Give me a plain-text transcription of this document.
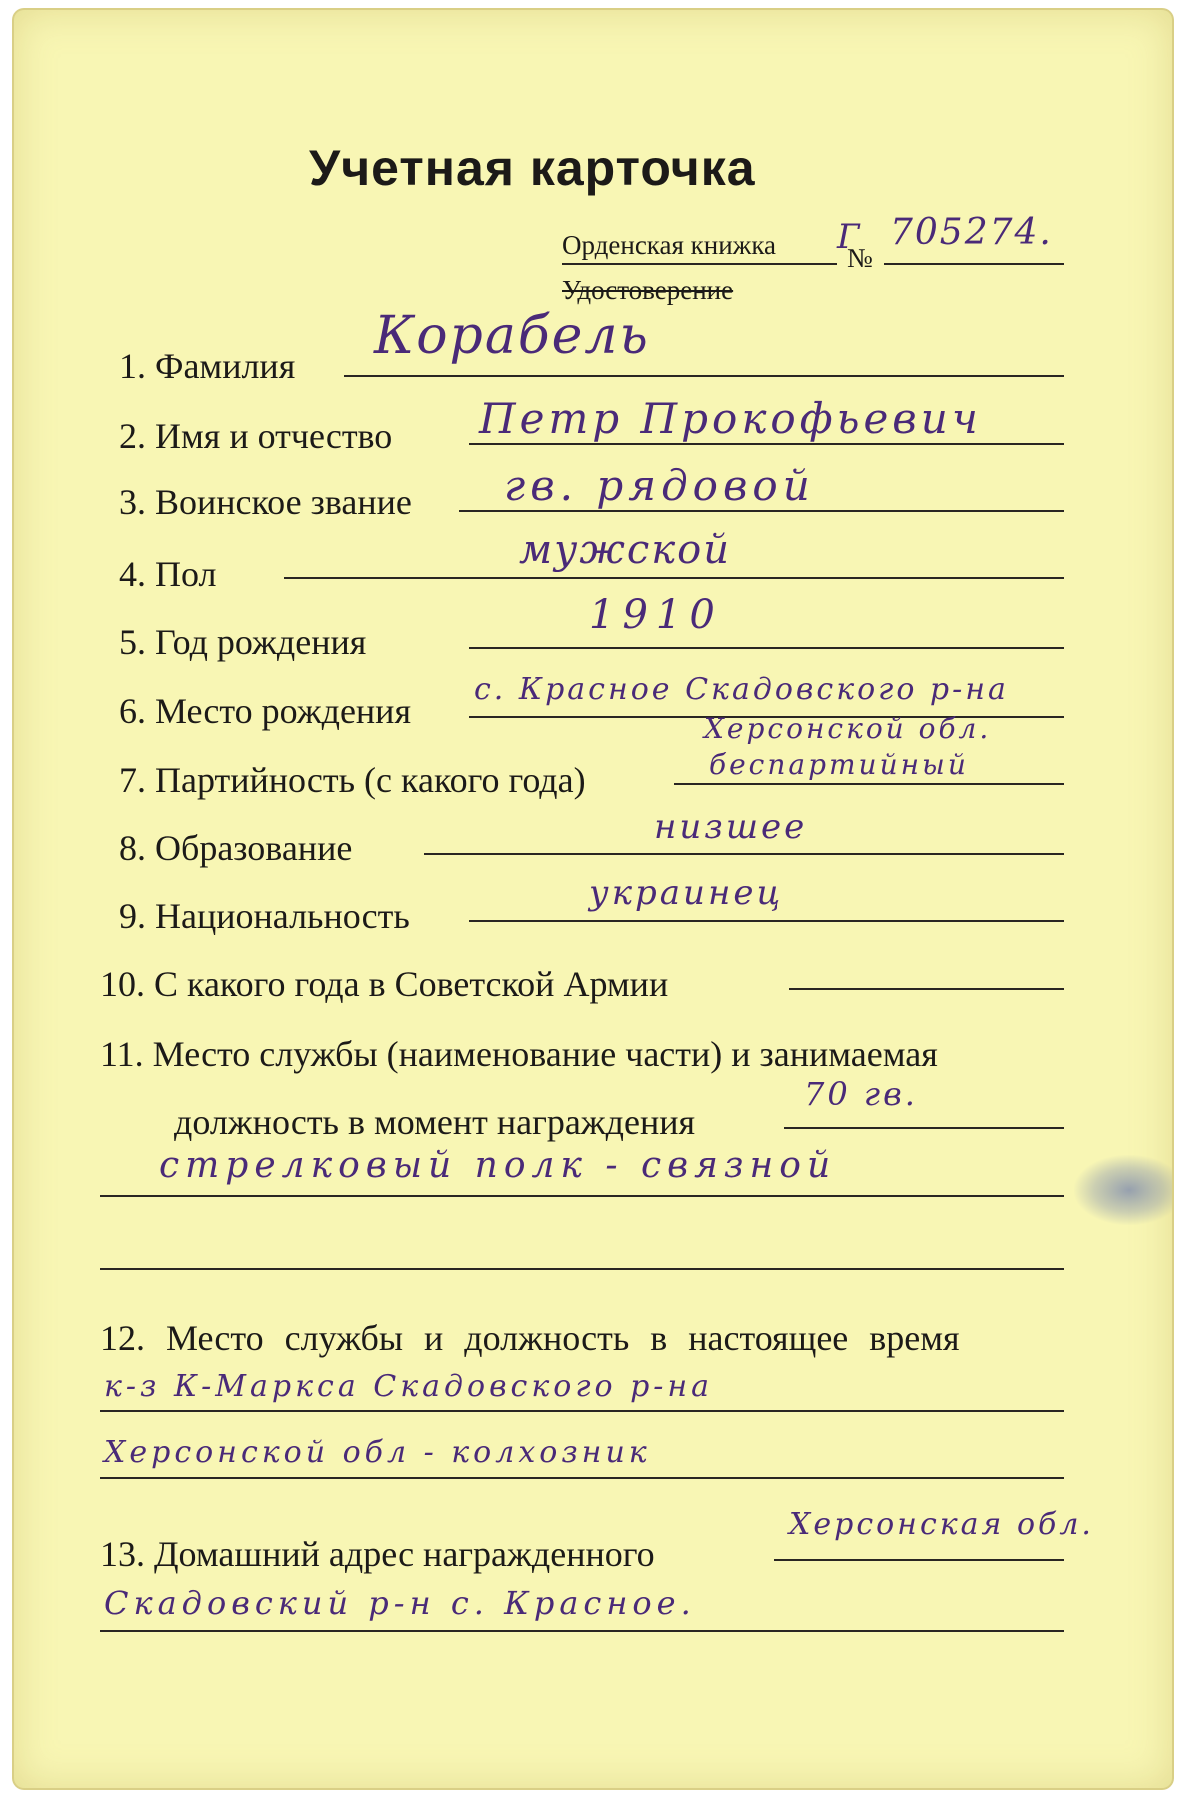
Учетная карточка
Орденская книжка Г
№
705274.
Удостоверение
1. Фамилия Корабель
2. Имя и отчество Петр Прокофьевич
3. Воинское звание гв. рядовой
4. Пол
мужской
5. Год рождения
1910
6. Место рождения
с. Красное Скадовского р-на
Херсонской обл.
7. Партийность (с какого года)	беспартийный
8. Образование
низшее
9. Национальность
украинец
10. С какого года в Советской Армии
11. Место службы (наименование части) и занимаемая
должность в момент награждения
70 гв.
стрелковый полк - связной
12. Место службы и должность в настоящее время
к-з К-Маркса Скадовского р-на
Херсонской обл - колхозник
13. Домашний адрес награжденного
Херсонская обл.
Скадовский р-н с. Красное.
